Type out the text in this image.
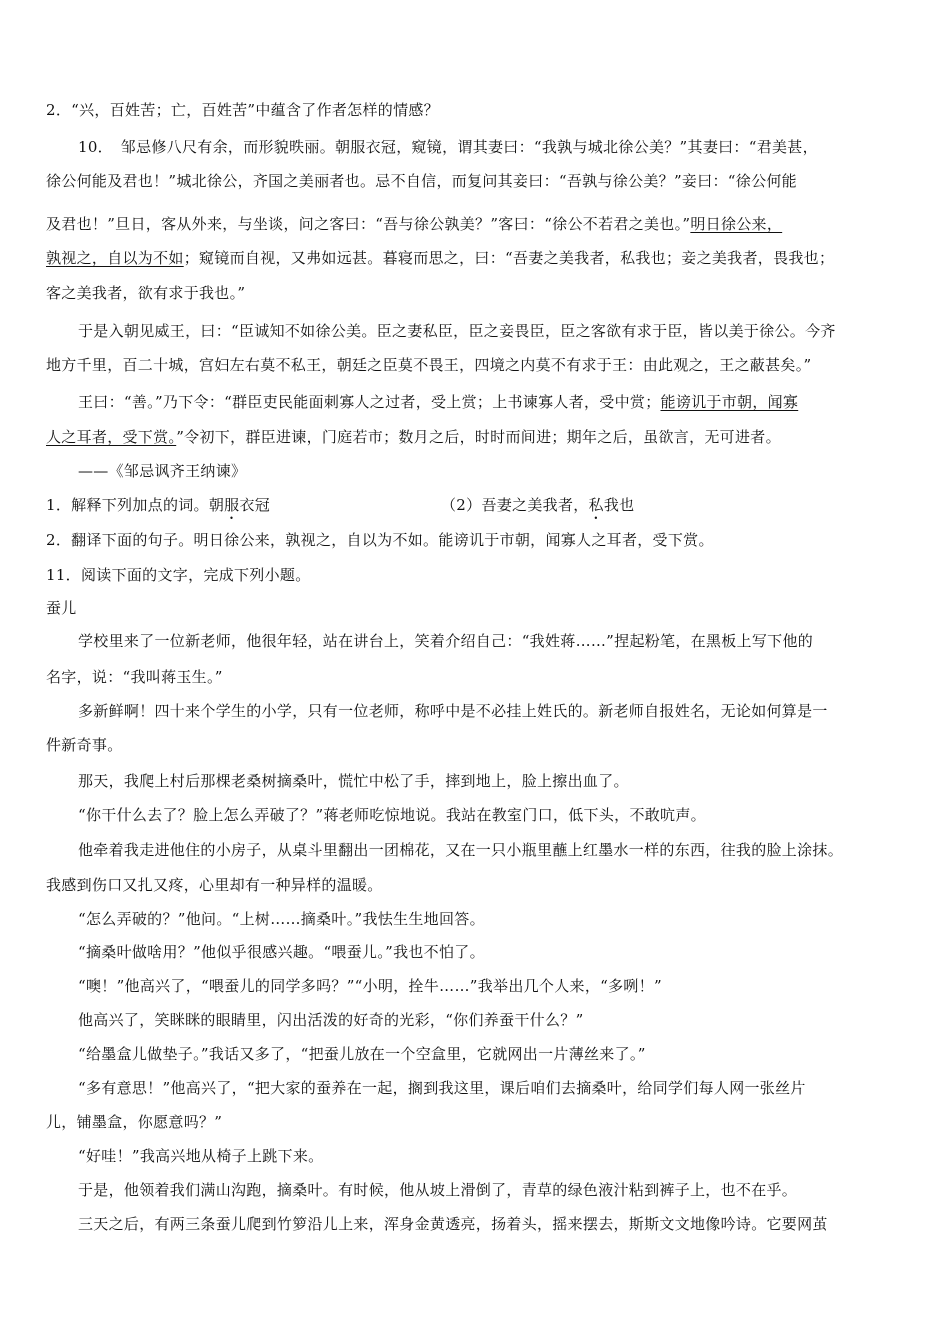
2．“兴，百姓苦；亡，百姓苦”中蕴含了作者怎样的情感？
10．　邹忌修八尺有余，而形貌昳丽。朝服衣冠，窥镜，谓其妻曰：“我孰与城北徐公美？”其妻曰：“君美甚，
徐公何能及君也！”城北徐公，齐国之美丽者也。忌不自信，而复问其妾曰：“吾孰与徐公美？”妾曰：“徐公何能
及君也！”旦日，客从外来，与坐谈，问之客曰：“吾与徐公孰美？”客曰：“徐公不若君之美也。”明日徐公来，
孰视之，自以为不如；窥镜而自视，又弗如远甚。暮寝而思之，曰：“吾妻之美我者，私我也；妾之美我者，畏我也；
客之美我者，欲有求于我也。”
于是入朝见威王，曰：“臣诚知不如徐公美。臣之妻私臣，臣之妾畏臣，臣之客欲有求于臣，皆以美于徐公。今齐
地方千里，百二十城，宫妇左右莫不私王，朝廷之臣莫不畏王，四境之内莫不有求于王：由此观之，王之蔽甚矣。”
王曰：“善。”乃下令：“群臣吏民能面刺寡人之过者，受上赏；上书谏寡人者，受中赏；能谤讥于市朝，闻寡
人之耳者，受下赏。”令初下，群臣进谏，门庭若市；数月之后，时时而间进；期年之后，虽欲言，无可进者。
——《邹忌讽齐王纳谏》
1．解释下列加点的词。朝服衣冠	（2）吾妻之美我者，私我也
2．翻译下面的句子。明日徐公来，孰视之，自以为不如。能谤讥于市朝，闻寡人之耳者，受下赏。
11．阅读下面的文字，完成下列小题。
蚕儿
学校里来了一位新老师，他很年轻，站在讲台上，笑着介绍自己：“我姓蒋……”捏起粉笔，在黑板上写下他的
名字，说：“我叫蒋玉生。”
多新鲜啊！四十来个学生的小学，只有一位老师，称呼中是不必挂上姓氏的。新老师自报姓名，无论如何算是一
件新奇事。
那天，我爬上村后那棵老桑树摘桑叶，慌忙中松了手，摔到地上，脸上擦出血了。
“你干什么去了？脸上怎么弄破了？”蒋老师吃惊地说。我站在教室门口，低下头，不敢吭声。
他牵着我走进他住的小房子，从桌斗里翻出一团棉花，又在一只小瓶里蘸上红墨水一样的东西，往我的脸上涂抹。
我感到伤口又扎又疼，心里却有一种异样的温暖。
“怎么弄破的？”他问。“上树……摘桑叶。”我怯生生地回答。
“摘桑叶做啥用？”他似乎很感兴趣。“喂蚕儿。”我也不怕了。
“噢！”他高兴了，“喂蚕儿的同学多吗？”“小明，拴牛……”我举出几个人来，“多咧！”
他高兴了，笑眯眯的眼睛里，闪出活泼的好奇的光彩，“你们养蚕干什么？”
“给墨盒儿做垫子。”我话又多了，“把蚕儿放在一个空盒里，它就网出一片薄丝来了。”
“多有意思！”他高兴了，“把大家的蚕养在一起，搁到我这里，课后咱们去摘桑叶，给同学们每人网一张丝片
儿，铺墨盒，你愿意吗？”
“好哇！”我高兴地从椅子上跳下来。
于是，他领着我们满山沟跑，摘桑叶。有时候，他从坡上滑倒了，青草的绿色液汁粘到裤子上，也不在乎。
三天之后，有两三条蚕儿爬到竹箩沿儿上来，浑身金黄透亮，扬着头，摇来摆去，斯斯文文地像吟诗。它要网茧
